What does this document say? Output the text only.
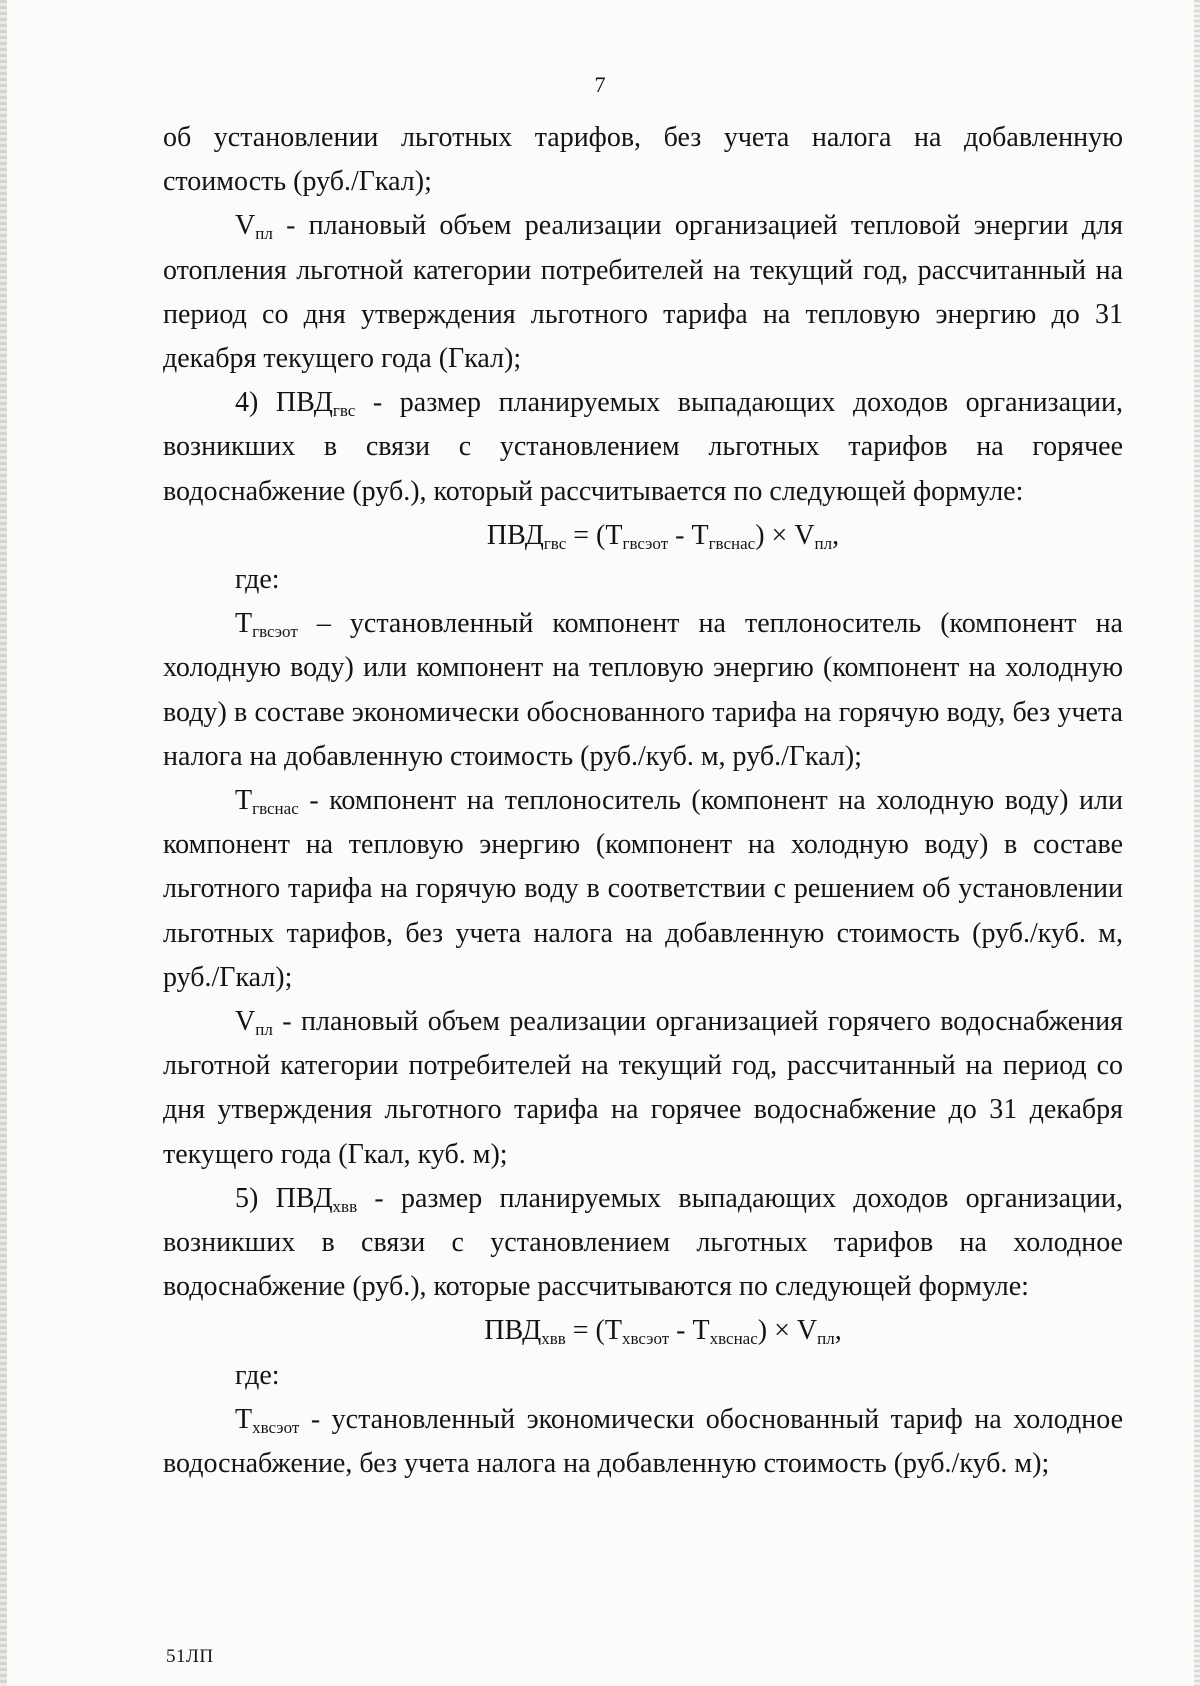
7

об установлении льготных тарифов, без учета налога на добавленную стоимость (руб./Гкал);

$V_{пл}$ - плановый объем реализации организацией тепловой энергии для отопления льготной категории потребителей на текущий год, рассчитанный на период со дня утверждения льготного тарифа на тепловую энергию до 31 декабря текущего года (Гкал);

4) $ПВД_{гвс}$ - размер планируемых выпадающих доходов организации, возникших в связи с установлением льготных тарифов на горячее водоснабжение (руб.), который рассчитывается по следующей формуле:

$ПВД_{гвс} = (Т_{гвсэот} - Т_{гвснас}) \times V_{пл}$,

где:

$Т_{гвсэот}$ – установленный компонент на теплоноситель (компонент на холодную воду) или компонент на тепловую энергию (компонент на холодную воду) в составе экономически обоснованного тарифа на горячую воду, без учета налога на добавленную стоимость (руб./куб. м, руб./Гкал);

$Т_{гвснас}$ - компонент на теплоноситель (компонент на холодную воду) или компонент на тепловую энергию (компонент на холодную воду) в составе льготного тарифа на горячую воду в соответствии с решением об установлении льготных тарифов, без учета налога на добавленную стоимость (руб./куб. м, руб./Гкал);

$V_{пл}$ - плановый объем реализации организацией горячего водоснабжения льготной категории потребителей на текущий год, рассчитанный на период со дня утверждения льготного тарифа на горячее водоснабжение до 31 декабря текущего года (Гкал, куб. м);

5) $ПВД_{хвв}$ - размер планируемых выпадающих доходов организации, возникших в связи с установлением льготных тарифов на холодное водоснабжение (руб.), которые рассчитываются по следующей формуле:

$ПВД_{хвв} = (Т_{хвсэот} - Т_{хвснас}) \times V_{пл}$,

где:

$Т_{хвсэот}$ - установленный экономически обоснованный тариф на холодное водоснабжение, без учета налога на добавленную стоимость (руб./куб. м);

51ЛП
